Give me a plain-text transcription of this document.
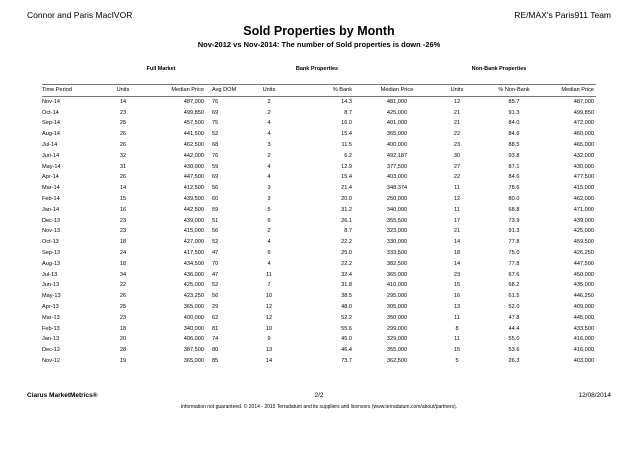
Connor and Paris MacIVOR	RE/MAX's Paris911 Team
Sold Properties by Month
Nov-2012 vs Nov-2014: The number of Sold properties is down -26%
Full Market	Bank Properties	Non-Bank Properties
Time Period	Units	Median Price	Avg DOM	Units	% Bank	Median Price	Units	% Non-Bank	Median Price
Nov-14	14	487,000	76	2	14.3	481,000	12	85.7	487,000
Oct-14	23	499,850	69	2	8.7	425,000	21	91.3	499,850
Sep-14	25	457,500	75	4	16.0	401,000	21	84.0	472,000
Aug-14	26	441,500	52	4	15.4	365,000	22	84.6	460,000
Jul-14	26	462,500	68	3	11.5	400,000	23	88.5	465,000
Jun-14	32	442,000	76	2	6.2	492,187	30	93.8	432,000
May-14	31	430,000	59	4	12.9	377,500	27	87.1	430,000
Apr-14	26	447,500	69	4	15.4	403,000	22	84.6	477,500
Mar-14	14	412,500	56	3	21.4	348,374	11	78.6	415,000
Feb-14	15	439,500	60	3	20.0	250,000	12	80.0	462,000
Jan-14	16	442,500	59	5	31.2	340,000	11	68.8	471,000
Dec-13	23	439,000	51	6	26.1	355,500	17	73.9	439,000
Nov-13	23	415,000	56	2	8.7	323,000	21	91.3	425,000
Oct-13	18	427,000	52	4	22.2	330,000	14	77.8	459,500
Sep-13	24	417,500	47	6	25.0	333,500	18	75.0	426,250
Aug-13	18	434,500	70	4	22.2	382,500	14	77.8	447,500
Jul-13	34	436,000	47	11	32.4	365,000	23	67.6	450,000
Jun-13	22	425,000	52	7	31.8	410,000	15	68.2	435,000
May-13	26	423,250	56	10	38.5	295,000	16	61.5	446,250
Apr-13	25	365,000	29	12	48.0	305,000	13	52.0	409,000
Mar-13	23	400,000	62	12	52.2	350,000	11	47.8	445,000
Feb-13	18	340,000	81	10	55.6	299,000	8	44.4	433,500
Jan-13	20	406,000	74	9	45.0	329,000	11	55.0	416,000
Dec-12	28	387,500	80	13	46.4	355,000	15	53.6	416,000
Nov-12	19	365,000	85	14	73.7	362,500	5	26.3	403,000
Ciarus MarketMetrics®	2/2	12/08/2014
Information not guaranteed. © 2014 - 2015 Terradatum and its suppliers and licensors (www.terradatum.com/about/partners).
